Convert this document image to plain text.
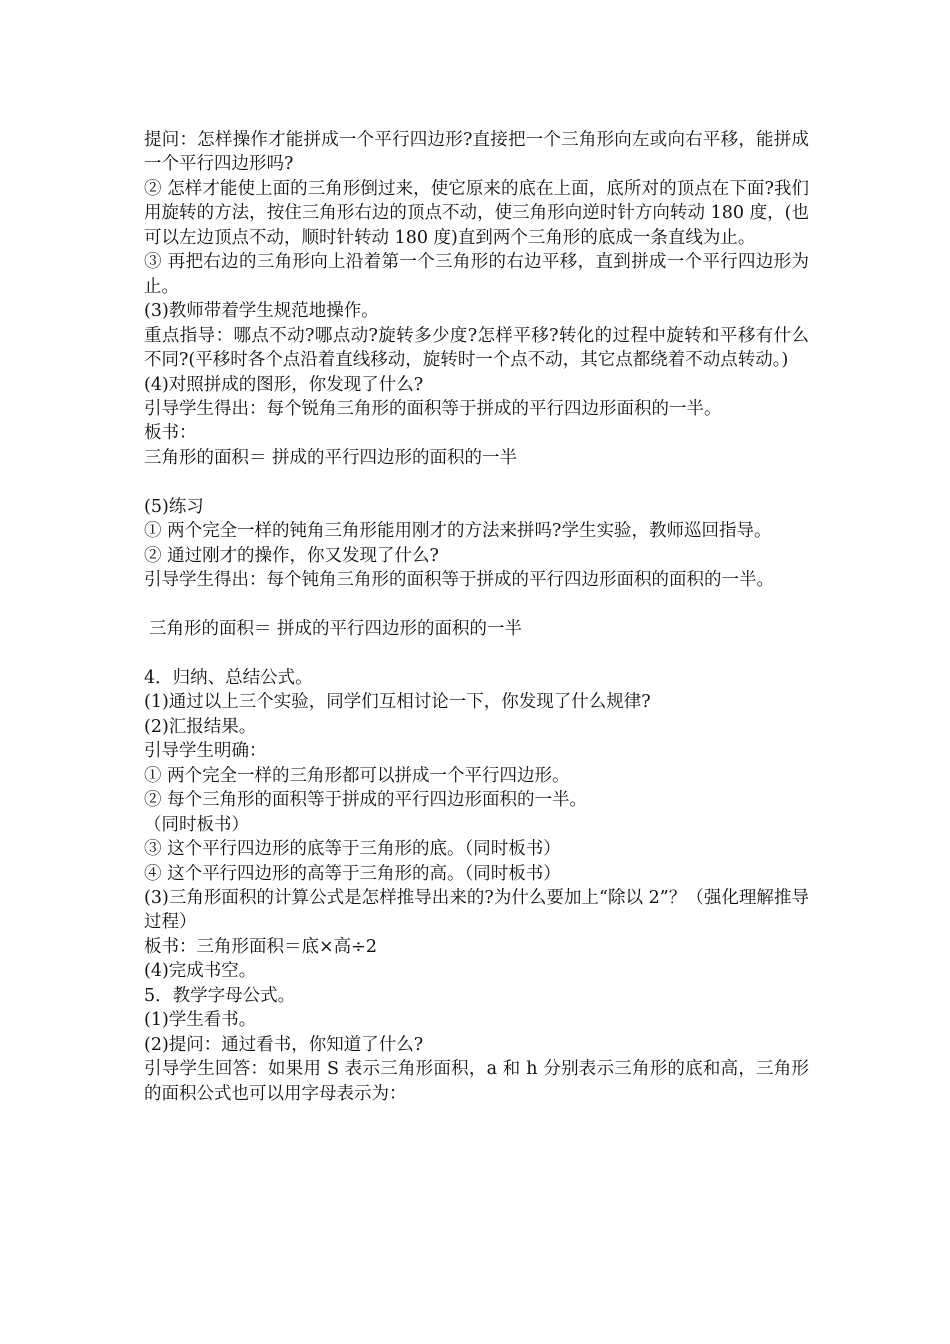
提问：怎样操作才能拼成一个平行四边形?直接把一个三角形向左或向右平移，能拼成一个平行四边形吗?

② 怎样才能使上面的三角形倒过来，使它原来的底在上面，底所对的顶点在下面?我们用旋转的方法，按住三角形右边的顶点不动，使三角形向逆时针方向转动 180 度，(也可以左边顶点不动，顺时针转动 180 度)直到两个三角形的底成一条直线为止。

③ 再把右边的三角形向上沿着第一个三角形的右边平移，直到拼成一个平行四边形为止。

(3)教师带着学生规范地操作。

重点指导：哪点不动?哪点动?旋转多少度?怎样平移?转化的过程中旋转和平移有什么不同?(平移时各个点沿着直线移动，旋转时一个点不动，其它点都绕着不动点转动。)

(4)对照拼成的图形，你发现了什么?

引导学生得出：每个锐角三角形的面积等于拼成的平行四边形面积的一半。

板书：

三角形的面积＝ 拼成的平行四边形的面积的一半

(5)练习

① 两个完全一样的钝角三角形能用刚才的方法来拼吗?学生实验，教师巡回指导。

② 通过刚才的操作，你又发现了什么?

引导学生得出：每个钝角三角形的面积等于拼成的平行四边形面积的面积的一半。

三角形的面积＝ 拼成的平行四边形的面积的一半

4．归纳、总结公式。

(1)通过以上三个实验，同学们互相讨论一下，你发现了什么规律?

(2)汇报结果。

引导学生明确：

① 两个完全一样的三角形都可以拼成一个平行四边形。

② 每个三角形的面积等于拼成的平行四边形面积的一半。

（同时板书）

③ 这个平行四边形的底等于三角形的底。（同时板书）

④ 这个平行四边形的高等于三角形的高。（同时板书）

(3)三角形面积的计算公式是怎样推导出来的?为什么要加上“除以 2”？（强化理解推导过程）

板书：三角形面积＝底×高÷2

(4)完成书空。

5．教学字母公式。

(1)学生看书。

(2)提问：通过看书，你知道了什么?

引导学生回答：如果用 S 表示三角形面积，a 和 h 分别表示三角形的底和高，三角形的面积公式也可以用字母表示为：
